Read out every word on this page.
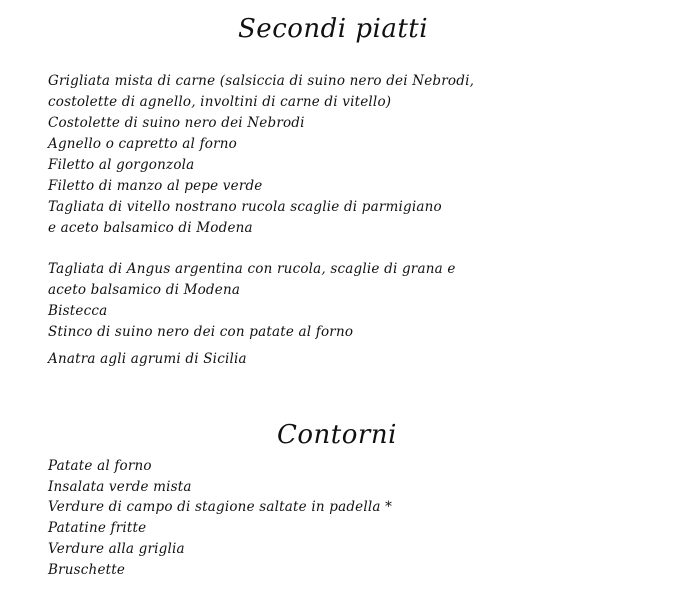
Secondi piatti
Grigliata mista di carne (salsiccia di suino nero dei Nebrodi,
costolette di agnello, involtini di carne di vitello)
Costolette di suino nero dei Nebrodi
Agnello o capretto al forno
Filetto al gorgonzola
Filetto di manzo al pepe verde
Tagliata di vitello nostrano rucola scaglie di parmigiano
e aceto balsamico di Modena
Tagliata di Angus argentina con rucola, scaglie di grana e
aceto balsamico di Modena
Bistecca
Stinco di suino nero dei con patate al forno
Anatra agli agrumi di Sicilia
Contorni
Patate al forno
Insalata verde mista
Verdure di campo di stagione saltate in padella *
Patatine fritte
Verdure alla griglia
Bruschette
